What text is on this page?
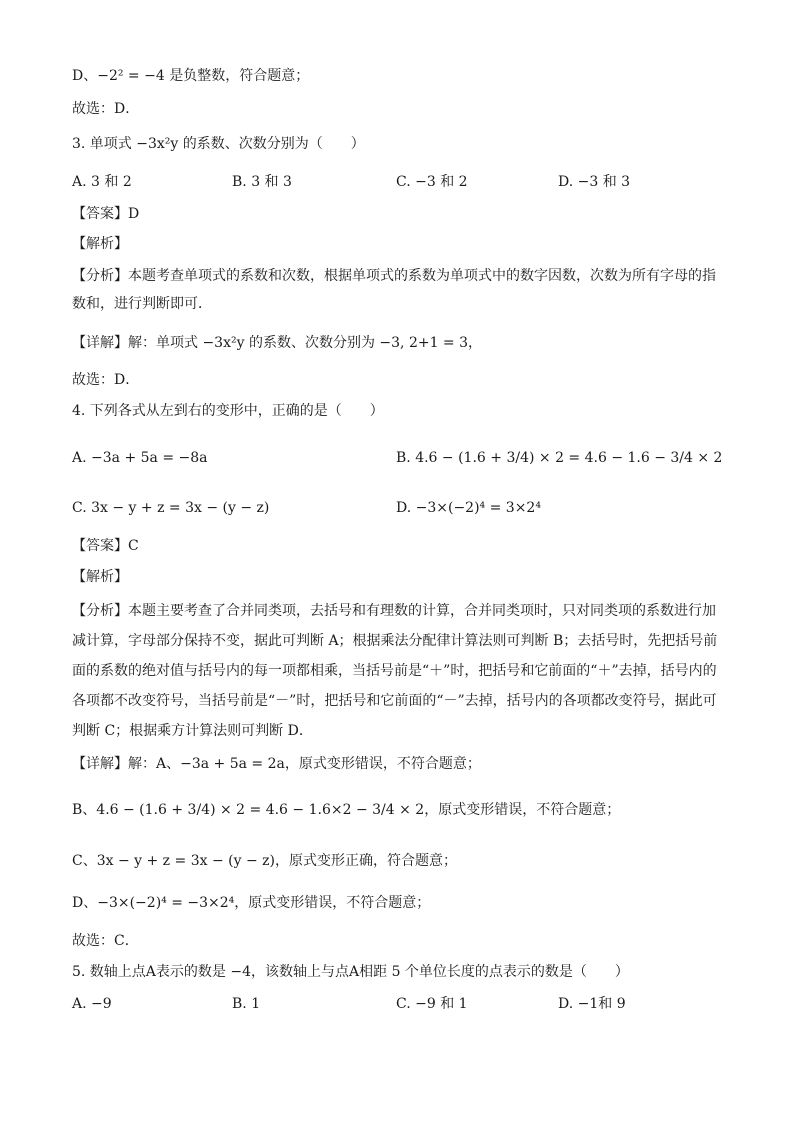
D、−2² = −4 是负整数，符合题意；
故选：D．
3. 单项式 −3x²y 的系数、次数分别为（　　）
A. 3 和 2	B. 3 和 3	C. −3 和 2	D. −3 和 3
【答案】D
【解析】
【分析】本题考查单项式的系数和次数，根据单项式的系数为单项式中的数字因数，次数为所有字母的指数和，进行判断即可．
【详解】解：单项式 −3x²y 的系数、次数分别为 −3, 2+1 = 3，
故选：D．
4. 下列各式从左到右的变形中，正确的是（　　）
A. −3a + 5a = −8a	B. 4.6 − (1.6 + 3/4) × 2 = 4.6 − 1.6 − 3/4 × 2
C. 3x − y + z = 3x − (y − z)	D. −3×(−2)⁴ = 3×2⁴
【答案】C
【解析】
【分析】本题主要考查了合并同类项，去括号和有理数的计算，合并同类项时，只对同类项的系数进行加减计算，字母部分保持不变，据此可判断 A；根据乘法分配律计算法则可判断 B；去括号时，先把括号前面的系数的绝对值与括号内的每一项都相乘，当括号前是“＋”时，把括号和它前面的“＋”去掉，括号内的各项都不改变符号，当括号前是“－”时，把括号和它前面的“－”去掉，括号内的各项都改变符号，据此可判断 C；根据乘方计算法则可判断 D．
【详解】解：A、−3a + 5a = 2a，原式变形错误，不符合题意；
B、4.6 − (1.6 + 3/4) × 2 = 4.6 − 1.6×2 − 3/4 × 2，原式变形错误，不符合题意；
C、3x − y + z = 3x − (y − z)，原式变形正确，符合题意；
D、−3×(−2)⁴ = −3×2⁴，原式变形错误，不符合题意；
故选：C．
5. 数轴上点A表示的数是 −4，该数轴上与点A相距 5 个单位长度的点表示的数是（　　）
A. −9	B. 1	C. −9 和 1	D. −1和 9
